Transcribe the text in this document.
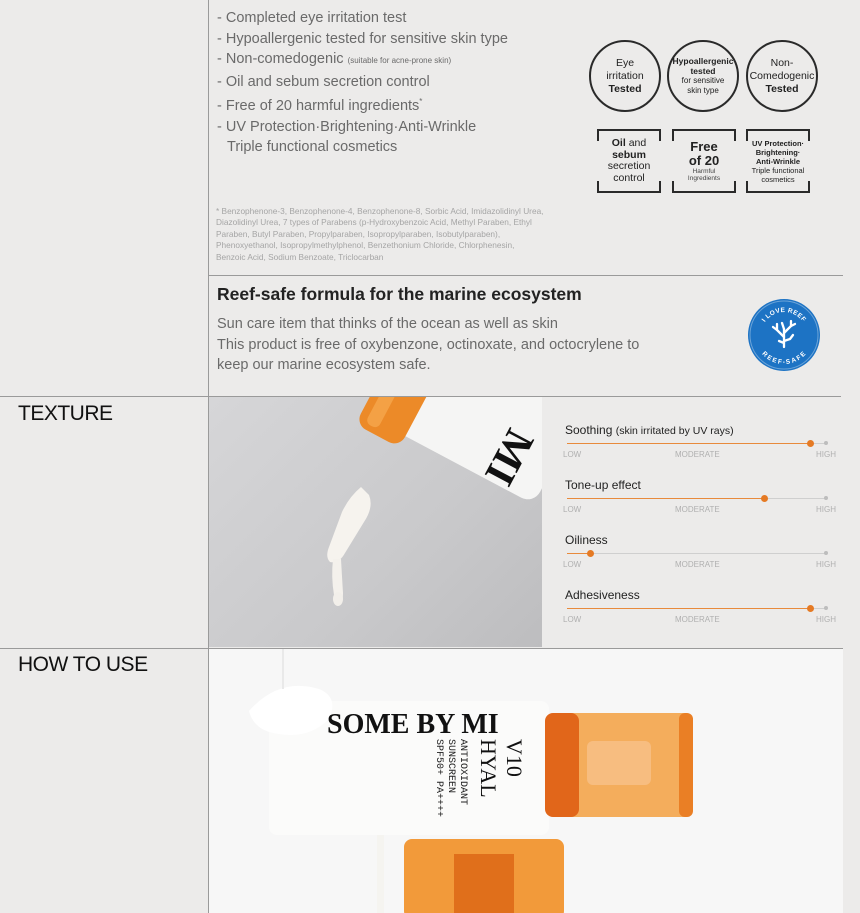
- Completed eye irritation test
- Hypoallergenic tested for sensitive skin type
- Non-comedogenic (suitable for acne-prone skin)
- Oil and sebum secretion control
- Free of 20 harmful ingredients*
- UV Protection·Brightening·Anti-Wrinkle
Triple functional cosmetics
* Benzophenone-3, Benzophenone-4, Benzophenone-8, Sorbic Acid, Imidazolidinyl Urea, Diazolidinyl Urea, 7 types of Parabens (p-Hydroxybenzoic Acid, Methyl Paraben, Ethyl Paraben, Butyl Paraben, Propylparaben, Isopropylparaben, Isobutylparaben), Phenoxyethanol, Isopropylmethylphenol, Benzethonium Chloride, Chlorphenesin, Benzoic Acid, Sodium Benzoate, Triclocarban
Eye
irritation
Tested
Hypoallergenic
tested
for sensitive
skin type
Non-
Comedogenic
Tested
Oil and
sebum
secretion
control
Free
of 20
Harmful
Ingredients
UV Protection·
Brightening·
Anti-Wrinkle
Triple functional
cosmetics
Reef-safe formula for the marine ecosystem
Sun care item that thinks of the ocean as well as skin
This product is free of oxybenzone, octinoxate, and octocrylene to
keep our marine ecosystem safe.
I LOVE REEF
REEF-SAFE
TEXTURE
MI Soothing (skin irritated by UV rays)
LOW	MODERATE	HIGH
Tone-up effect
LOW	MODERATE	HIGH
Oiliness
LOW	MODERATE	HIGH
Adhesiveness
LOW	MODERATE	HIGH
HOW TO USE
SOME BY MI
V10
HYAL
ANTIOXIDANT
SUNSCREEN
SPF50+ PA++++
